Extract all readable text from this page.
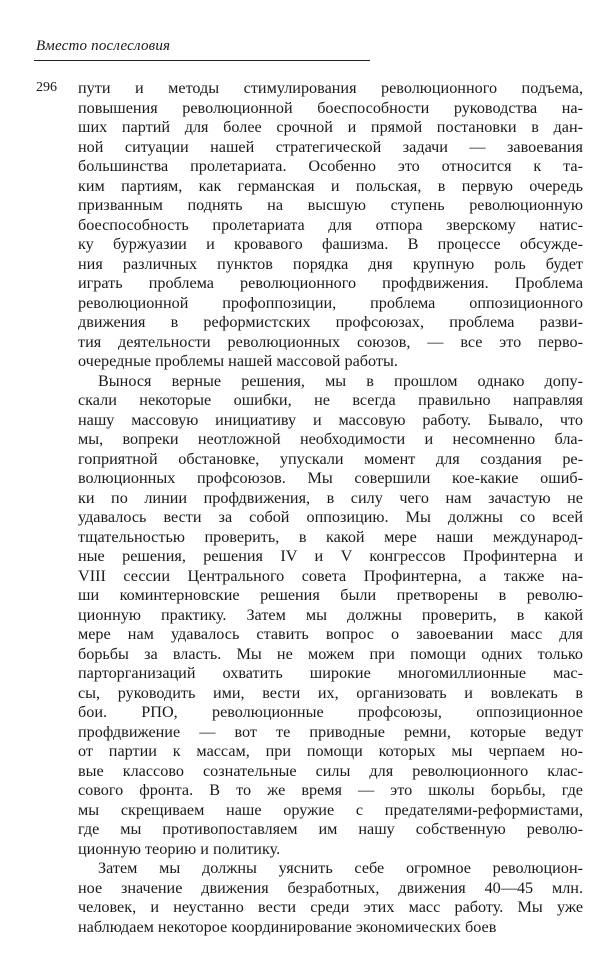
Вместо послесловия
296 пути и методы стимулирования революционного подъема,
повышения революционной боеспособности руководства на-
ших партий для более срочной и прямой постановки в дан-
ной ситуации нашей стратегической задачи — завоевания
большинства пролетариата. Особенно это относится к та-
ким партиям, как германская и польская, в первую очередь
призванным поднять на высшую ступень революционную
боеспособность пролетариата для отпора зверскому натис-
ку буржуазии и кровавого фашизма. В процессе обсужде-
ния различных пунктов порядка дня крупную роль будет
играть проблема революционного профдвижения. Проблема
революционной профоппозиции, проблема оппозиционного
движения в реформистских профсоюзах, проблема разви-
тия деятельности революционных союзов, — все это перво-
очередные проблемы нашей массовой работы.
Вынося верные решения, мы в прошлом однако допу-
скали некоторые ошибки, не всегда правильно направляя
нашу массовую инициативу и массовую работу. Бывало, что
мы, вопреки неотложной необходимости и несомненно бла-
гоприятной обстановке, упускали момент для создания ре-
волюционных профсоюзов. Мы совершили кое-какие ошиб-
ки по линии профдвижения, в силу чего нам зачастую не
удавалось вести за собой оппозицию. Мы должны со всей
тщательностью проверить, в какой мере наши международ-
ные решения, решения IV и V конгрессов Профинтерна и
VIII сессии Центрального совета Профинтерна, а также на-
ши коминтерновские решения были претворены в револю-
ционную практику. Затем мы должны проверить, в какой
мере нам удавалось ставить вопрос о завоевании масс для
борьбы за власть. Мы не можем при помощи одних только
парторганизаций охватить широкие многомиллионные мас-
сы, руководить ими, вести их, организовать и вовлекать в
бои. РПО, революционные профсоюзы, оппозиционное
профдвижение — вот те приводные ремни, которые ведут
от партии к массам, при помощи которых мы черпаем но-
вые классово сознательные силы для революционного клас-
сового фронта. В то же время — это школы борьбы, где
мы скрещиваем наше оружие с предателями-реформистами,
где мы противопоставляем им нашу собственную револю-
ционную теорию и политику.
Затем мы должны уяснить себе огромное революцион-
ное значение движения безработных, движения 40—45 млн.
человек, и неустанно вести среди этих масс работу. Мы уже
наблюдаем некоторое координирование экономических боев
